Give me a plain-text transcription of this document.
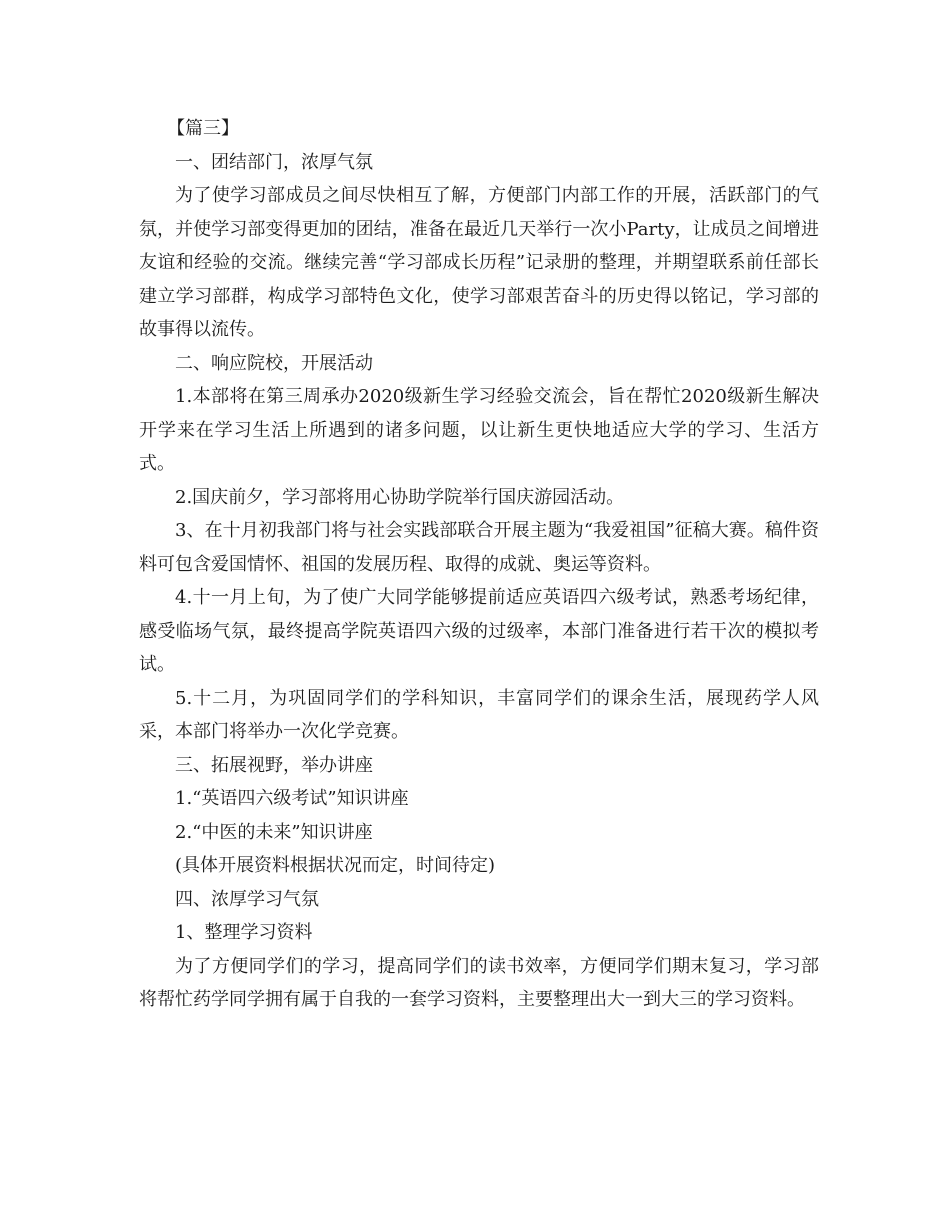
【篇三】

一、团结部门，浓厚气氛

为了使学习部成员之间尽快相互了解，方便部门内部工作的开展，活跃部门的气氛，并使学习部变得更加的团结，准备在最近几天举行一次小Party，让成员之间增进友谊和经验的交流。继续完善“学习部成长历程”记录册的整理，并期望联系前任部长建立学习部群，构成学习部特色文化，使学习部艰苦奋斗的历史得以铭记，学习部的故事得以流传。

二、响应院校，开展活动

1.本部将在第三周承办2020级新生学习经验交流会，旨在帮忙2020级新生解决开学来在学习生活上所遇到的诸多问题，以让新生更快地适应大学的学习、生活方式。

2.国庆前夕，学习部将用心协助学院举行国庆游园活动。

3、在十月初我部门将与社会实践部联合开展主题为“我爱祖国”征稿大赛。稿件资料可包含爱国情怀、祖国的发展历程、取得的成就、奥运等资料。

4.十一月上旬，为了使广大同学能够提前适应英语四六级考试，熟悉考场纪律，感受临场气氛，最终提高学院英语四六级的过级率，本部门准备进行若干次的模拟考试。

5.十二月，为巩固同学们的学科知识，丰富同学们的课余生活，展现药学人风采，本部门将举办一次化学竞赛。

三、拓展视野，举办讲座

1.“英语四六级考试”知识讲座

2.“中医的未来”知识讲座

(具体开展资料根据状况而定，时间待定)

四、浓厚学习气氛

1、整理学习资料

为了方便同学们的学习，提高同学们的读书效率，方便同学们期末复习，学习部将帮忙药学同学拥有属于自我的一套学习资料，主要整理出大一到大三的学习资料。
